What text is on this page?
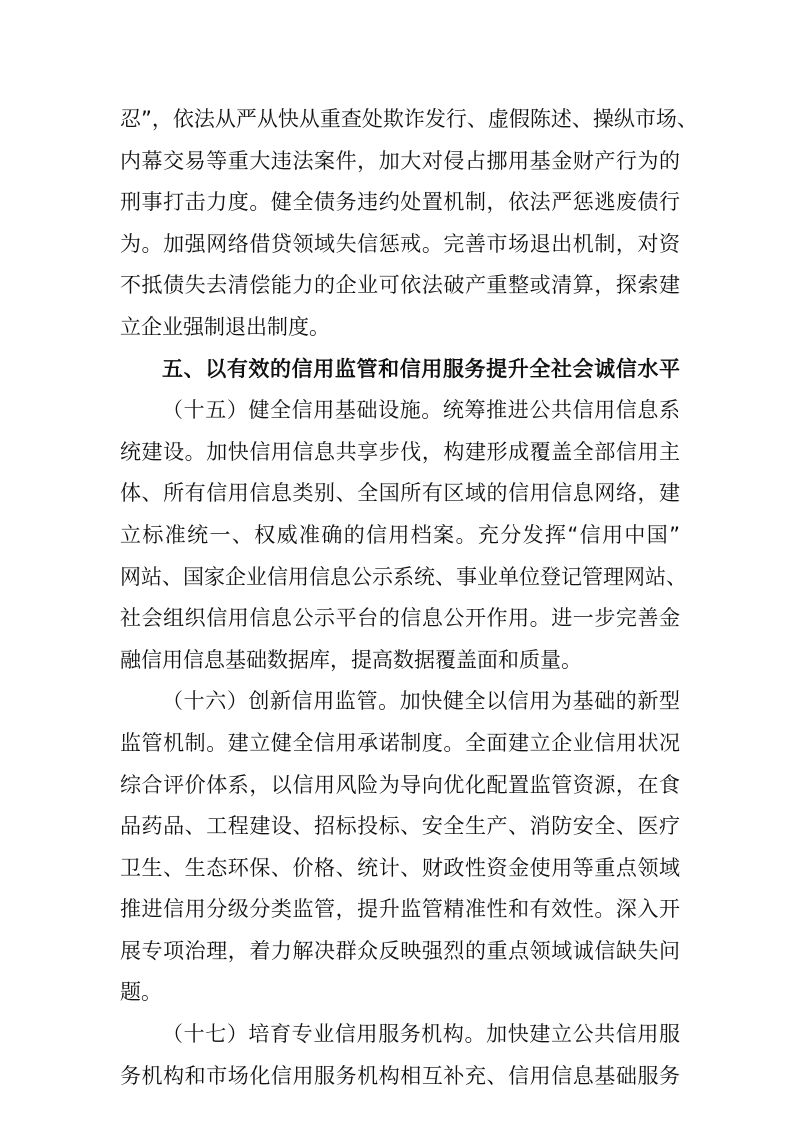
忍”，依法从严从快从重查处欺诈发行、虚假陈述、操纵市场、
内幕交易等重大违法案件，加大对侵占挪用基金财产行为的
刑事打击力度。健全债务违约处置机制，依法严惩逃废债行
为。加强网络借贷领域失信惩戒。完善市场退出机制，对资
不抵债失去清偿能力的企业可依法破产重整或清算，探索建
立企业强制退出制度。
五、以有效的信用监管和信用服务提升全社会诚信水平
（十五）健全信用基础设施。统筹推进公共信用信息系
统建设。加快信用信息共享步伐，构建形成覆盖全部信用主
体、所有信用信息类别、全国所有区域的信用信息网络，建
立标准统一、权威准确的信用档案。充分发挥“信用中国”
网站、国家企业信用信息公示系统、事业单位登记管理网站、
社会组织信用信息公示平台的信息公开作用。进一步完善金
融信用信息基础数据库，提高数据覆盖面和质量。
（十六）创新信用监管。加快健全以信用为基础的新型
监管机制。建立健全信用承诺制度。全面建立企业信用状况
综合评价体系，以信用风险为导向优化配置监管资源，在食
品药品、工程建设、招标投标、安全生产、消防安全、医疗
卫生、生态环保、价格、统计、财政性资金使用等重点领域
推进信用分级分类监管，提升监管精准性和有效性。深入开
展专项治理，着力解决群众反映强烈的重点领域诚信缺失问
题。
（十七）培育专业信用服务机构。加快建立公共信用服
务机构和市场化信用服务机构相互补充、信用信息基础服务
